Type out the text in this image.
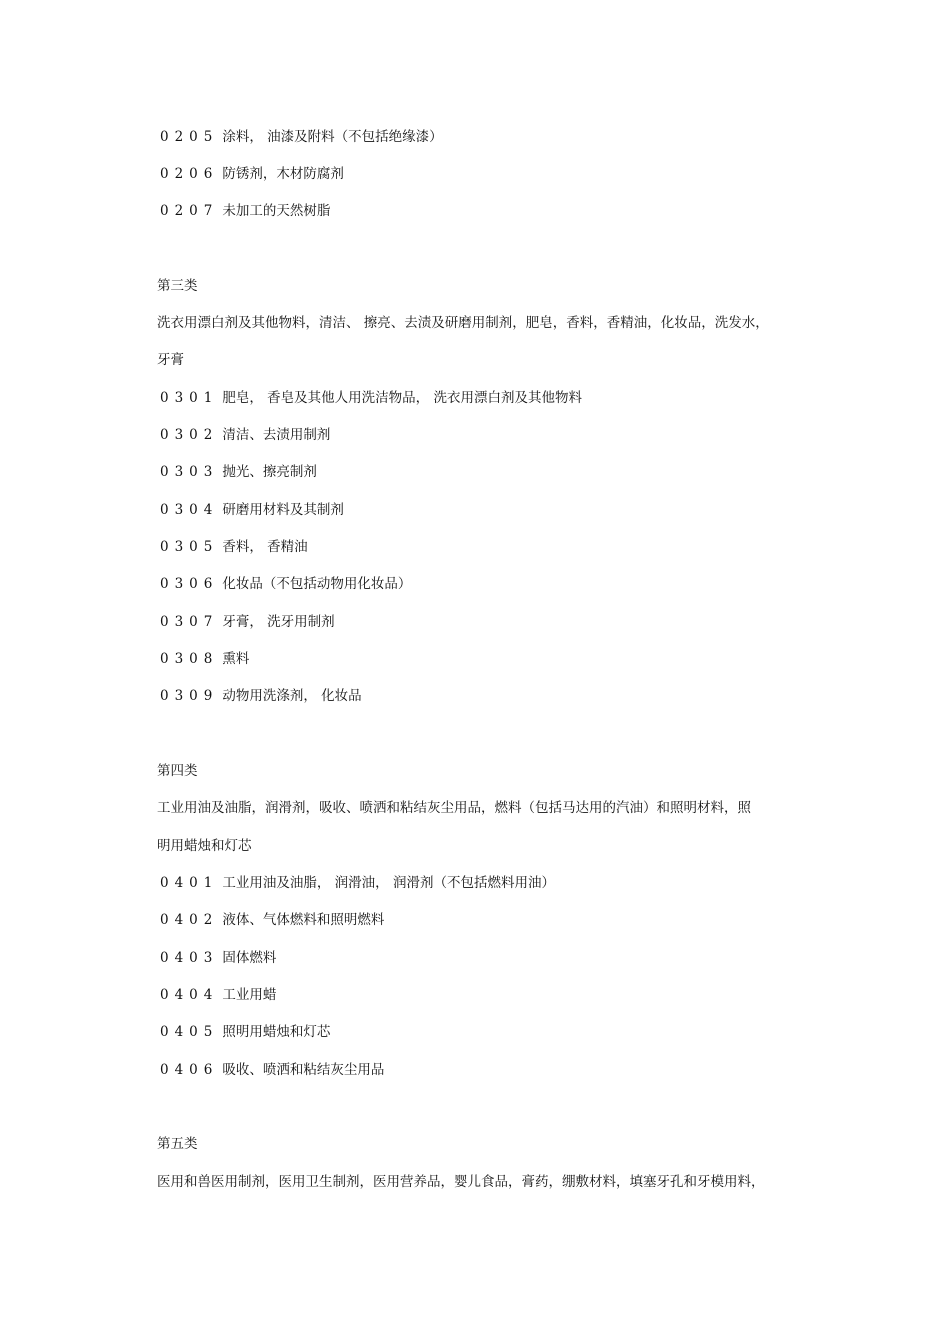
0205 涂料， 油漆及附料（不包括绝缘漆）
0206 防锈剂，木材防腐剂
0207 未加工的天然树脂
第三类
洗衣用漂白剂及其他物料，清洁、 擦亮、去渍及研磨用制剂，肥皂，香料，香精油，化妆品，洗发水，
牙膏
0301 肥皂， 香皂及其他人用洗洁物品， 洗衣用漂白剂及其他物料
0302 清洁、去渍用制剂
0303 抛光、擦亮制剂
0304 研磨用材料及其制剂
0305 香料， 香精油
0306 化妆品（不包括动物用化妆品）
0307 牙膏， 洗牙用制剂
0308 熏料
0309 动物用洗涤剂， 化妆品
第四类
工业用油及油脂，润滑剂，吸收、喷洒和粘结灰尘用品，燃料（包括马达用的汽油）和照明材料，照
明用蜡烛和灯芯
0401 工业用油及油脂， 润滑油， 润滑剂（不包括燃料用油）
0402 液体、气体燃料和照明燃料
0403 固体燃料
0404 工业用蜡
0405 照明用蜡烛和灯芯
0406 吸收、喷洒和粘结灰尘用品
第五类
医用和兽医用制剂，医用卫生制剂，医用营养品，婴儿食品，膏药，绷敷材料，填塞牙孔和牙模用料，
